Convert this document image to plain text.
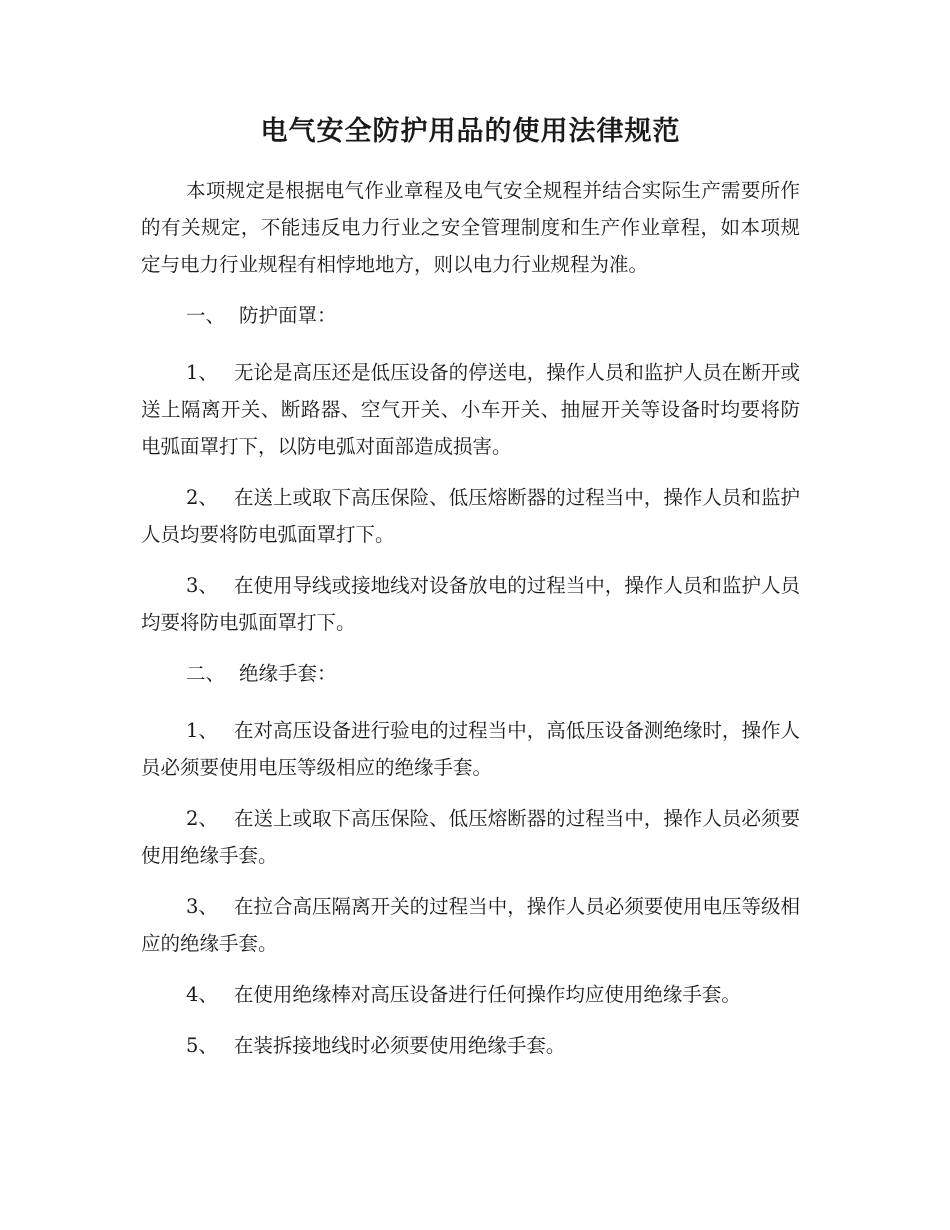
电气安全防护用品的使用法律规范

本项规定是根据电气作业章程及电气安全规程并结合实际生产需要所作的有关规定，不能违反电力行业之安全管理制度和生产作业章程，如本项规定与电力行业规程有相悖地地方，则以电力行业规程为准。

一、 防护面罩：

1、 无论是高压还是低压设备的停送电，操作人员和监护人员在断开或送上隔离开关、断路器、空气开关、小车开关、抽屉开关等设备时均要将防电弧面罩打下，以防电弧对面部造成损害。

2、 在送上或取下高压保险、低压熔断器的过程当中，操作人员和监护人员均要将防电弧面罩打下。

3、 在使用导线或接地线对设备放电的过程当中，操作人员和监护人员均要将防电弧面罩打下。

二、 绝缘手套：

1、 在对高压设备进行验电的过程当中，高低压设备测绝缘时，操作人员必须要使用电压等级相应的绝缘手套。

2、 在送上或取下高压保险、低压熔断器的过程当中，操作人员必须要使用绝缘手套。

3、 在拉合高压隔离开关的过程当中，操作人员必须要使用电压等级相应的绝缘手套。

4、 在使用绝缘棒对高压设备进行任何操作均应使用绝缘手套。

5、 在装拆接地线时必须要使用绝缘手套。
